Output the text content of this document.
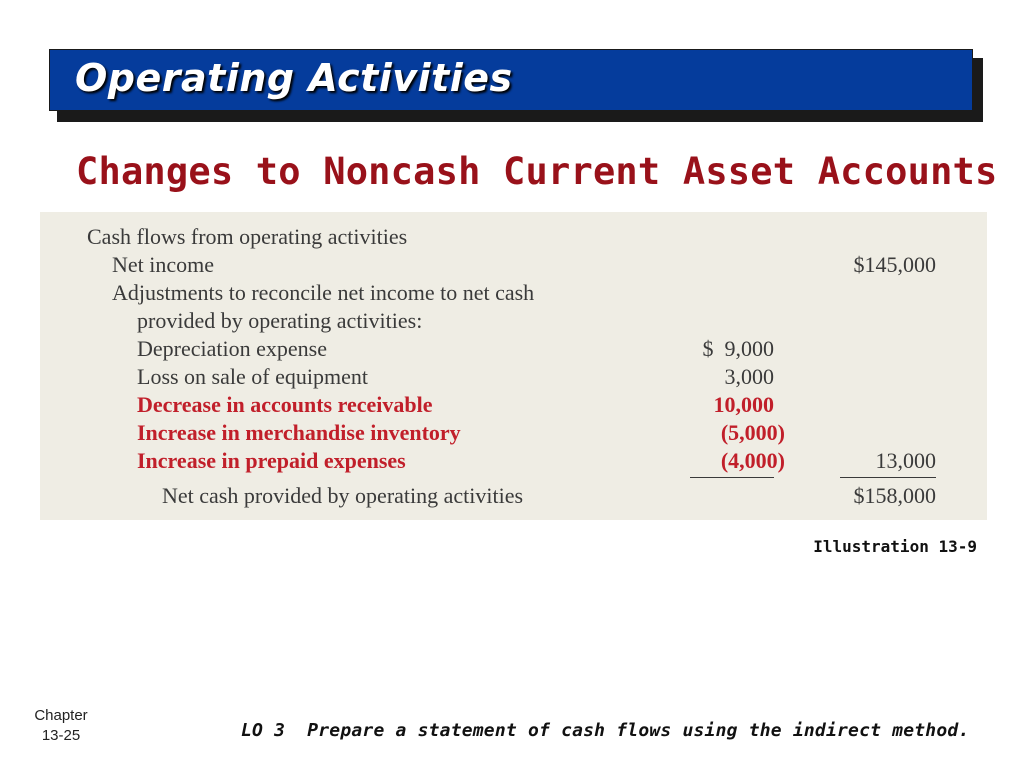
Operating Activities
Changes to Noncash Current Asset Accounts
Cash flows from operating activities
Net income	$145,000
Adjustments to reconcile net income to net cash
provided by operating activities:
Depreciation expense	$  9,000
Loss on sale of equipment	3,000
Decrease in accounts receivable	10,000
Increase in merchandise inventory	(5,000)
Increase in prepaid expenses	(4,000)	13,000
Net cash provided by operating activities	$158,000
Illustration 13-9
Chapter
13-25	LO 3  Prepare a statement of cash flows using the indirect method.
